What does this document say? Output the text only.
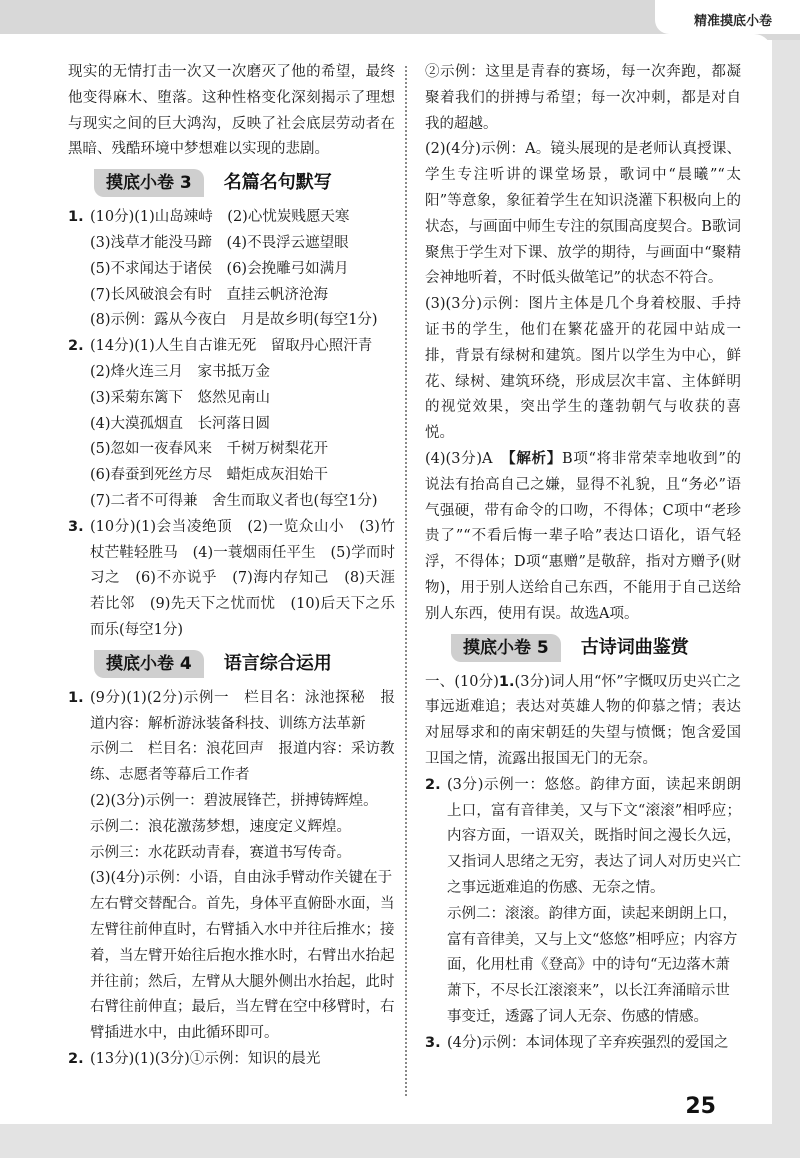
精准摸底小卷

现实的无情打击一次又一次磨灭了他的希望，最终他变得麻木、堕落。这种性格变化深刻揭示了理想与现实之间的巨大鸿沟，反映了社会底层劳动者在黑暗、残酷环境中梦想难以实现的悲剧。

摸底小卷 3	名篇名句默写

1. (10分)(1)山岛竦峙　(2)心忧炭贱愿天寒

(3)浅草才能没马蹄　(4)不畏浮云遮望眼

(5)不求闻达于诸侯　(6)会挽雕弓如满月

(7)长风破浪会有时　直挂云帆济沧海

(8)示例：露从今夜白　月是故乡明(每空1分)

2. (14分)(1)人生自古谁无死　留取丹心照汗青

(2)烽火连三月　家书抵万金

(3)采菊东篱下　悠然见南山

(4)大漠孤烟直　长河落日圆

(5)忽如一夜春风来　千树万树梨花开

(6)春蚕到死丝方尽　蜡炬成灰泪始干

(7)二者不可得兼　舍生而取义者也(每空1分)

3. (10分)(1)会当凌绝顶　(2)一览众山小　(3)竹杖芒鞋轻胜马　(4)一蓑烟雨任平生　(5)学而时习之　(6)不亦说乎　(7)海内存知己　(8)天涯若比邻　(9)先天下之忧而忧　(10)后天下之乐而乐(每空1分)

摸底小卷 4	语言综合运用

1. (9分)(1)(2分)示例一　栏目名：泳池探秘　报道内容：解析游泳装备科技、训练方法革新

示例二　栏目名：浪花回声　报道内容：采访教练、志愿者等幕后工作者

(2)(3分)示例一：碧波展锋芒，拼搏铸辉煌。

示例二：浪花激荡梦想，速度定义辉煌。

示例三：水花跃动青春，赛道书写传奇。

(3)(4分)示例：小语，自由泳手臂动作关键在于左右臂交替配合。首先，身体平直俯卧水面，当左臂往前伸直时，右臂插入水中并往后推水；接着，当左臂开始往后抱水推水时，右臂出水抬起并往前；然后，左臂从大腿外侧出水抬起，此时右臂往前伸直；最后，当左臂在空中移臂时，右臂插进水中，由此循环即可。

2. (13分)(1)(3分)①示例：知识的晨光

②示例：这里是青春的赛场，每一次奔跑，都凝聚着我们的拼搏与希望；每一次冲刺，都是对自我的超越。

(2)(4分)示例：A。镜头展现的是老师认真授课、学生专注听讲的课堂场景，歌词中“晨曦”“太阳”等意象，象征着学生在知识浇灌下积极向上的状态，与画面中师生专注的氛围高度契合。B歌词聚焦于学生对下课、放学的期待，与画面中“聚精会神地听着，不时低头做笔记”的状态不符合。

(3)(3分)示例：图片主体是几个身着校服、手持证书的学生，他们在繁花盛开的花园中站成一排，背景有绿树和建筑。图片以学生为中心，鲜花、绿树、建筑环绕，形成层次丰富、主体鲜明的视觉效果，突出学生的蓬勃朝气与收获的喜悦。

(4)(3分)A　【解析】B项“将非常荣幸地收到”的说法有抬高自己之嫌，显得不礼貌，且“务必”语气强硬，带有命令的口吻，不得体；C项中“老珍贵了”“不看后悔一辈子哈”表达口语化，语气轻浮，不得体；D项“惠赠”是敬辞，指对方赠予(财物)，用于别人送给自己东西，不能用于自己送给别人东西，使用有误。故选A项。

摸底小卷 5	古诗词曲鉴赏

一、(10分)1.(3分)词人用“怀”字慨叹历史兴亡之事远逝难追；表达对英雄人物的仰慕之情；表达对屈辱求和的南宋朝廷的失望与愤慨；饱含爱国卫国之情，流露出报国无门的无奈。

2. (3分)示例一：悠悠。韵律方面，读起来朗朗上口，富有音律美，又与下文“滚滚”相呼应；内容方面，一语双关，既指时间之漫长久远，又指词人思绪之无穷，表达了词人对历史兴亡之事远逝难追的伤感、无奈之情。

示例二：滚滚。韵律方面，读起来朗朗上口，富有音律美，又与上文“悠悠”相呼应；内容方面，化用杜甫《登高》中的诗句“无边落木萧萧下，不尽长江滚滚来”，以长江奔涌暗示世事变迁，透露了词人无奈、伤感的情感。

3. (4分)示例：本词体现了辛弃疾强烈的爱国之

25
